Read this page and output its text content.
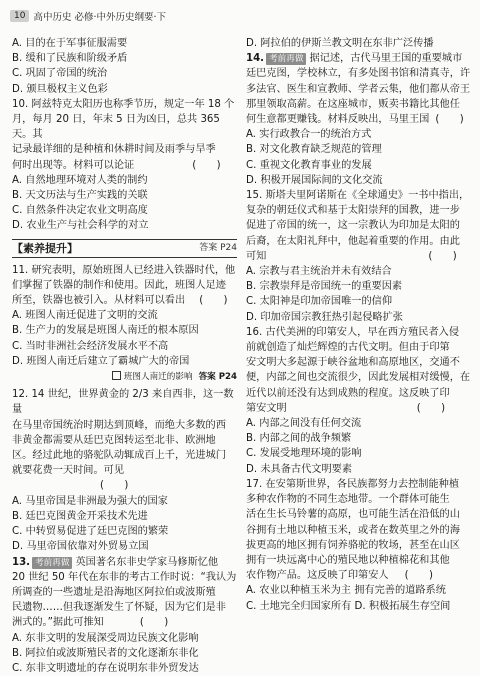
10 高中历史 必修·中外历史纲要·下

A. 目的在于军事征服需要

B. 缓和了民族和阶级矛盾

C. 巩固了帝国的统治

D. 颁旦极权主义色彩

10. 阿兹特克太阳历也称季节历，规定一年 18 个

月，每月 20 日，年末 5 日为凶日，总共 365 天。其

记录最详细的是种植和休耕时间及雨季与旱季

何时出现等。材料可以论证	(　　)

A. 自然地理环境对人类的制约

B. 天文历法与生产实践的关联

C. 自然条件决定农业文明高度

D. 农业生产与社会科学的对立

【素养提升】	答案 P24

11. 研究表明，原始班图人已经进入铁器时代，他

们掌握了铁器的制作和使用。因此，班图人足迹

所至，铁器也被引入。从材料可以看出 (　　)

A. 班图人南迁促进了文明的交流

B. 生产力的发展是班图人南迁的根本原因

C. 当时非洲社会经济发展水平不高

D. 班图人南迁后建立了霸城广大的帝国

班图人南迁的影响 答案 P24

12. 14 世纪，世界黄金的 2/3 来自西非，这一数量

在马里帝国统治时期达到顶峰，而绝大多数的西

非黄金都需要从廷巴克图转运至北非、欧洲地

区。经过此地的骆驼队动辄成百上千，光进城门

就要花费一天时间。可见(　　)

A. 马里帝国是非洲最为强大的国家

B. 廷巴克图黄金开采技术先进

C. 中转贸易促进了廷巴克图的繁荣

D. 马里帝国依靠对外贸易立国

13. 考前再做 英国著名东非史学家马修斯忆他

20 世纪 50 年代在东非的考古工作时说：“我认为

所调查的一些遗址是沿海地区阿拉伯或波斯殖

民遗物……但我逐渐发生了怀疑，因为它们是非

洲式的。”据此可推知	(　　)

A. 东非文明的发展深受周边民族文化影响

B. 阿拉伯或波斯殖民者的文化逐渐东非化

C. 东非文明遗址的存在说明东非外贸发达

D. 阿拉伯的伊斯兰教文明在东非广泛传播

14. 考前再做 据记述，古代马里王国的重要城市

廷巴克图，学校林立，有多处图书馆和清真寺，许

多法官、医生和宣教师、学者云集，他们都从帝王

那里领取高薪。在这座城市，贩卖书籍比其他任

何生意都更赚钱。材料反映出，马里王国 (　　)

A. 实行政教合一的统治方式

B. 对文化教育缺乏规范的管理

C. 重视文化教育事业的发展

D. 积极开展国际间的文化交流

15. 斯塔夫里阿诺斯在《全球通史》一书中指出，

复杂的朝廷仪式和基于太阳崇拜的国教，进一步

促进了帝国的统一，这一宗教认为印加是太阳的

后裔，在太阳礼拜中，他起着重要的作用。由此

可知	(　　)

A. 宗教与君主统治并未有效结合

B. 宗教崇拜是帝国统一的重要因素

C. 太阳神是印加帝国唯一的信仰

D. 印加帝国宗教狂热引起侵略扩张

16. 古代美洲的印第安人，早在西方殖民者入侵

前就创造了灿烂辉煌的古代文明。但由于印第

安文明大多起源于峡谷盆地和高原地区，交通不

便，内部之间也交流很少，因此发展相对缓慢，在

近代以前还没有达到成熟的程度。这反映了印

第安文明	(　　)

A. 内部之间没有任何交流

B. 内部之间的战争频繁

C. 发展受地理环境的影响

D. 未具备古代文明要素

17. 在安第斯世界，各民族都努力去控制能种植

多种农作物的不同生态地带。一个群体可能生

活在生长马铃薯的高原，也可能生活在沿低的山

谷拥有土地以种植玉米，或者在数英里之外的海

拔更高的地区拥有饲养骆驼的牧场，甚至在山区

拥有一块远离中心的殖民地以种植棉花和其他

农作物产品。这反映了印第安人 (　　)

A. 农业以种植玉米为主 拥有完善的道路系统

C. 土地完全归国家所有 D. 积极拓展生存空间
